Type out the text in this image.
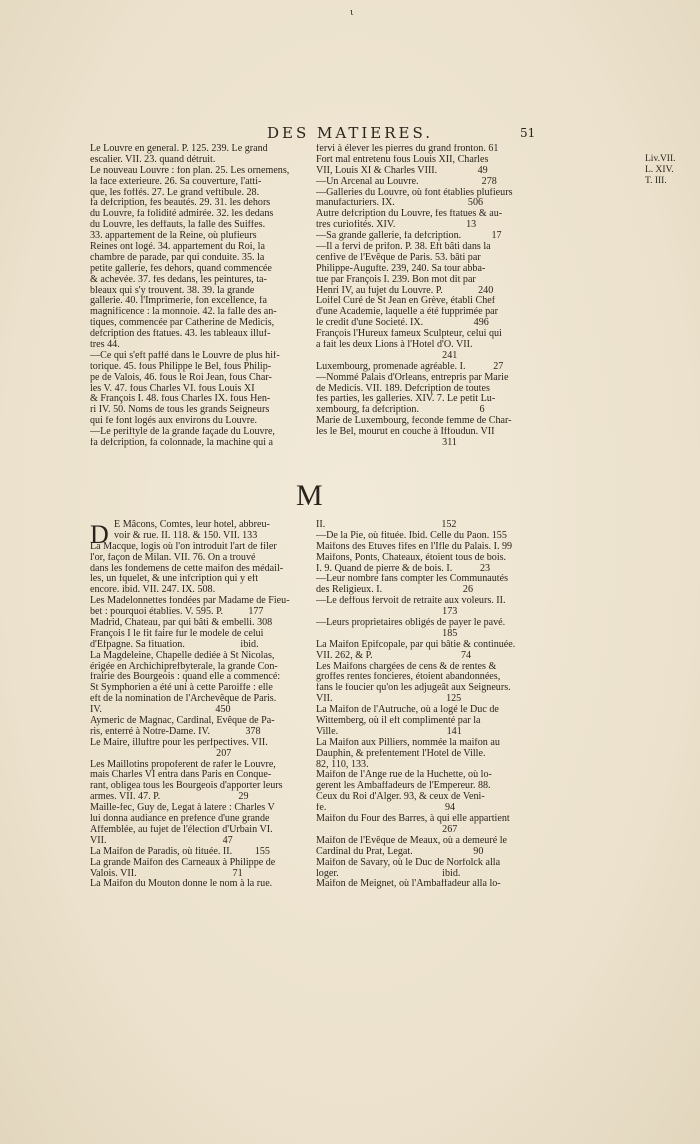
ι
DES MATIERES.	51
Liv.VII.
L. XIV.
T. III.
Le Louvre en general. P. 125. 239. Le grand
escalier. VII. 23. quand détruit.
Le nouveau Louvre : fon plan. 25. Les ornemens,
la face exterieure. 26. Sa couverture, l'atti-
que, les foffés. 27. Le grand veftibule. 28.
fa defcription, fes beautés. 29. 31. les dehors
du Louvre, fa folidité admirée. 32. les dedans
du Louvre, les deffauts, la falle des Suiffes.
33. appartement de la Reine, où plufieurs
Reines ont logé. 34. appartement du Roi, la
chambre de parade, par qui conduite. 35. la
petite gallerie, fes dehors, quand commencée
& achevée. 37. fes dedans, les peintures, ta-
bleaux qui s'y trouvent. 38. 39. la grande
gallerie. 40. l'Imprimerie, fon excellence, fa
magnificence : la monnoie. 42. la falle des an-
tiques, commencée par Catherine de Medicis,
defcription des ftatues. 43. les tableaux illuf-
tres 44.
—Ce qui s'eft paffé dans le Louvre de plus hif-
torique. 45. fous Philippe le Bel, fous Philip-
pe de Valois, 46. fous le Roi Jean, fous Char-
les V. 47. fous Charles VI. fous Louis XI
& François I. 48. fous Charles IX. fous Hen-
ri IV. 50. Noms de tous les grands Seigneurs
qui fe font logés aux environs du Louvre.
—Le periftyle de la grande façade du Louvre,
fa defcription, fa colonnade, la machine qui a
fervi à élever les pierres du grand fronton. 61
Fort mal entretenu fous Louis XII, Charles
VII, Louis XI & Charles VIII.                49
—Un Arcenal au Louvre.                         278
—Galleries du Louvre, où font établies plufieurs
manufacturiers. IX.                             506
Autre defcription du Louvre, fes ftatues & au-
tres curiofités. XIV.                            13
—Sa grande gallerie, fa defcription.            17
—Il a fervi de prifon. P. 38. Eft bâti dans la
cenfive de l'Evêque de Paris. 53. bâti par
Philippe-Augufte. 239, 240. Sa tour abba-
tue par François I. 239. Bon mot dit par
Henri IV, au fujet du Louvre. P.              240
Loifel Curé de St Jean en Grève, établi Chef
d'une Academie, laquelle a été fupprimée par
le credit d'une Societé. IX.                    496
François l'Hureux fameux Sculpteur, celui qui
a fait les deux Lions à l'Hotel d'O. VII.
241
Luxembourg, promenade agréable. I.           27
—Nommé Palais d'Orleans, entrepris par Marie
de Medicis. VII. 189. Defcription de toutes
fes parties, les galleries. XIV. 7. Le petit Lu-
xembourg, fa defcription.                        6
Marie de Luxembourg, feconde femme de Char-
les le Bel, mourut en couche à Iffoudun. VII
311
M
D E Mâcons, Comtes, leur hotel, abbreu-
voir & rue. II. 118. & 150. VII. 133
La Macque, logis où l'on introduit l'art de filer
l'or, façon de Milan. VII. 76. On a trouvé
dans les fondemens de cette maifon des médail-
les, un fquelet, & une infcription qui y eft
encore. ibid. VII. 247. IX. 508.
Les Madelonnettes fondées par Madame de Fieu-
bet : pourquoi établies. V. 595. P.          177
Madrid, Chateau, par qui bâti & embelli. 308
François I le fit faire fur le modele de celui
d'Efpagne. Sa fituation.                      ibid.
La Magdeleine, Chapelle dediée à St Nicolas,
érigée en Archichiprefbyterale, la grande Con-
frairie des Bourgeois : quand elle a commencé:
St Symphorien a été uni à cette Paroiffe : elle
eft de la nomination de l'Archevêque de Paris.
IV.                                             450
Aymeric de Magnac, Cardinal, Evêque de Pa-
ris, enterré à Notre-Dame. IV.              378
Le Maire, illuftre pour les perfpectives. VII.
207
Les Maillotins propoferent de rafer le Louvre,
mais Charles VI entra dans Paris en Conque-
rant, obligea tous les Bourgeois d'apporter leurs
armes. VII. 47. P.                               29
Maille-fec, Guy de, Legat à latere : Charles V
lui donna audiance en prefence d'une grande
Affemblée, au fujet de l'élection d'Urbain VI.
VII.                                              47
La Maifon de Paradis, où fituée. II.         155
La grande Maifon des Carneaux à Philippe de
Valois. VII.                                      71
La Maifon du Mouton donne le nom à la rue.
II.                                              152
—De la Pie, où fituée. Ibid. Celle du Paon. 155
Maifons des Etuves fifes en l'Ifle du Palais. I. 99
Maifons, Ponts, Chateaux, étoient tous de bois.
I. 9. Quand de pierre & de bois. I.           23
—Leur nombre fans compter les Communautés
des Religieux. I.                                26
—Le deffous fervoit de retraite aux voleurs. II.
173
—Leurs proprietaires obligés de payer le pavé.
185
La Maifon Epifcopale, par qui bâtie & continuée.
VII. 262, & P.                                   74
Les Maifons chargées de cens & de rentes &
groffes rentes foncieres, étoient abandonnées,
fans le foucier qu'on les adjugeât aux Seigneurs.
VII.                                             125
La Maifon de l'Autruche, où a logé le Duc de
Wittemberg, où il eft complimenté par la
Ville.                                           141
La Maifon aux Pilliers, nommée la maifon au
Dauphin, & prefentement l'Hotel de Ville.
82, 110, 133.
Maifon de l'Ange rue de la Huchette, où lo-
gerent les Ambaffadeurs de l'Empereur. 88.
Ceux du Roi d'Alger. 93, & ceux de Veni-
fe.                                               94
Maifon du Four des Barres, à qui elle appartient
267
Maifon de l'Evêque de Meaux, où a demeuré le
Cardinal du Prat, Legat.                        90
Maifon de Savary, où le Duc de Norfolck alla
loger.                                         ibid.
Maifon de Meignet, où l'Ambaffadeur alla lo-
